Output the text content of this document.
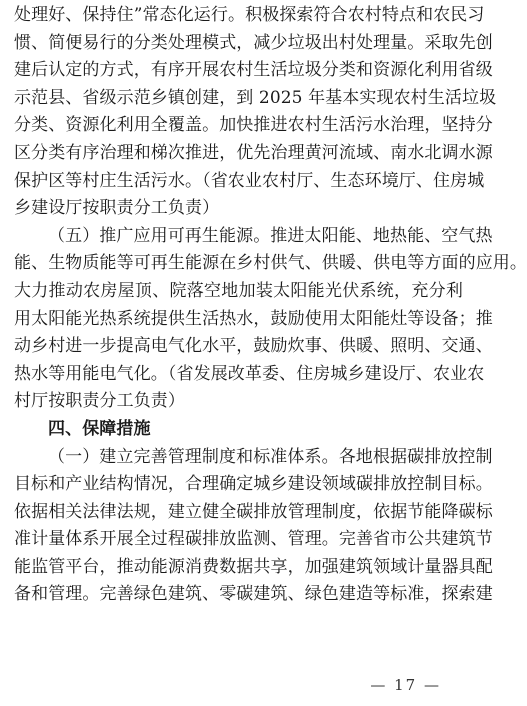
处理好、保持住”常态化运行。积极探索符合农村特点和农民习
惯、简便易行的分类处理模式，减少垃圾出村处理量。采取先创
建后认定的方式，有序开展农村生活垃圾分类和资源化利用省级
示范县、省级示范乡镇创建，到 2025 年基本实现农村生活垃圾
分类、资源化利用全覆盖。加快推进农村生活污水治理，坚持分
区分类有序治理和梯次推进，优先治理黄河流域、南水北调水源
保护区等村庄生活污水。（省农业农村厅、生态环境厅、住房城
乡建设厅按职责分工负责）
（五）推广应用可再生能源。推进太阳能、地热能、空气热
能、生物质能等可再生能源在乡村供气、供暖、供电等方面的应用。
大力推动农房屋顶、院落空地加装太阳能光伏系统，充分利
用太阳能光热系统提供生活热水，鼓励使用太阳能灶等设备；推
动乡村进一步提高电气化水平，鼓励炊事、供暖、照明、交通、
热水等用能电气化。（省发展改革委、住房城乡建设厅、农业农
村厅按职责分工负责）
四、保障措施
（一）建立完善管理制度和标准体系。各地根据碳排放控制
目标和产业结构情况，合理确定城乡建设领域碳排放控制目标。
依据相关法律法规，建立健全碳排放管理制度，依据节能降碳标
准计量体系开展全过程碳排放监测、管理。完善省市公共建筑节
能监管平台，推动能源消费数据共享，加强建筑领域计量器具配
备和管理。完善绿色建筑、零碳建筑、绿色建造等标准，探索建
— 17 —
